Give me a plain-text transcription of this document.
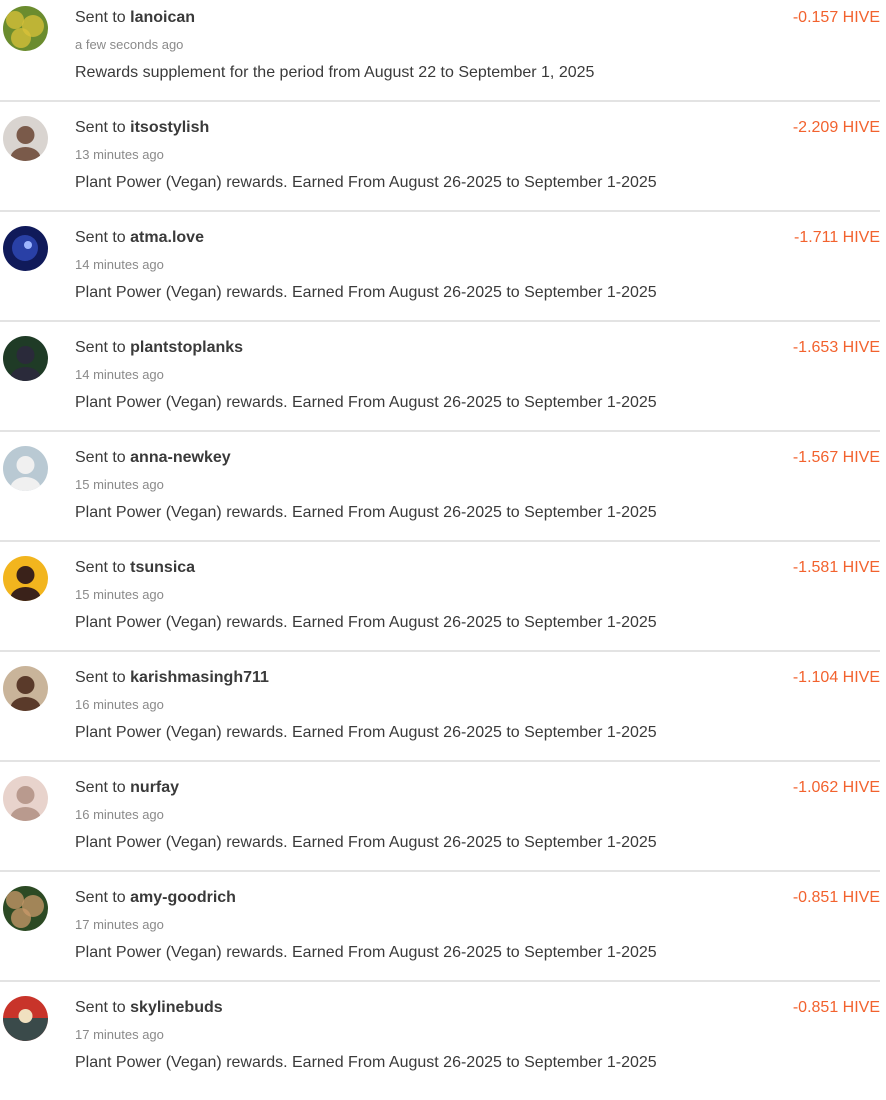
Sent to lanoican
a few seconds ago
Rewards supplement for the period from August 22 to September 1, 2025
-0.157 HIVE
Sent to itsostylish
13 minutes ago
Plant Power (Vegan) rewards. Earned From August 26-2025 to September 1-2025
-2.209 HIVE
Sent to atma.love
14 minutes ago
Plant Power (Vegan) rewards. Earned From August 26-2025 to September 1-2025
-1.711 HIVE
Sent to plantstoplanks
14 minutes ago
Plant Power (Vegan) rewards. Earned From August 26-2025 to September 1-2025
-1.653 HIVE
Sent to anna-newkey
15 minutes ago
Plant Power (Vegan) rewards. Earned From August 26-2025 to September 1-2025
-1.567 HIVE
Sent to tsunsica
15 minutes ago
Plant Power (Vegan) rewards. Earned From August 26-2025 to September 1-2025
-1.581 HIVE
Sent to karishmasingh711
16 minutes ago
Plant Power (Vegan) rewards. Earned From August 26-2025 to September 1-2025
-1.104 HIVE
Sent to nurfay
16 minutes ago
Plant Power (Vegan) rewards. Earned From August 26-2025 to September 1-2025
-1.062 HIVE
Sent to amy-goodrich
17 minutes ago
Plant Power (Vegan) rewards. Earned From August 26-2025 to September 1-2025
-0.851 HIVE
Sent to skylinebuds
17 minutes ago
Plant Power (Vegan) rewards. Earned From August 26-2025 to September 1-2025
-0.851 HIVE
